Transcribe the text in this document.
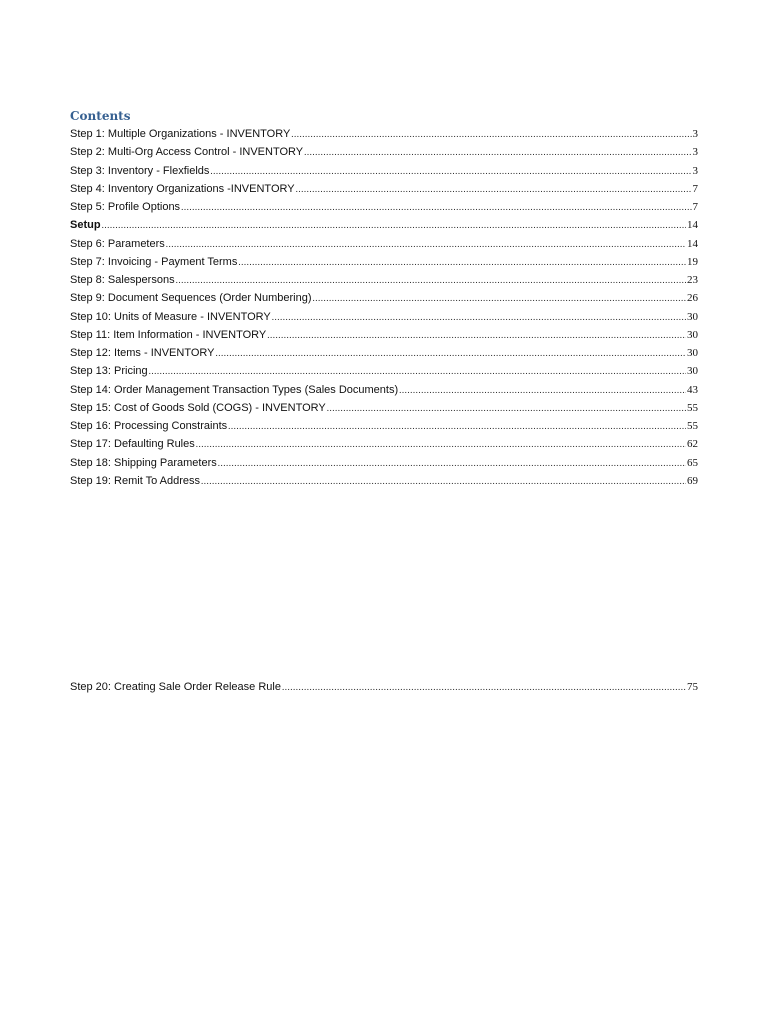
Contents
Step 1: Multiple Organizations - INVENTORY .....	3
Step 2: Multi-Org Access Control - INVENTORY .....	3
Step 3: Inventory - Flexfields .....	3
Step 4: Inventory Organizations -INVENTORY .....	7
Step 5: Profile Options .....	7
Setup .....	14
Step 6: Parameters .....	14
Step 7: Invoicing - Payment Terms .....	19
Step 8: Salespersons .....	23
Step 9: Document Sequences (Order Numbering) .....	26
Step 10: Units of Measure - INVENTORY .....	30
Step 11: Item Information - INVENTORY .....	30
Step 12: Items - INVENTORY .....	30
Step 13: Pricing .....	30
Step 14: Order Management Transaction Types (Sales Documents) .....	43
Step 15: Cost of Goods Sold (COGS) - INVENTORY .....	55
Step 16: Processing Constraints .....	55
Step 17: Defaulting Rules .....	62
Step 18: Shipping Parameters .....	65
Step 19: Remit To Address .....	69
Step 20: Creating Sale Order Release Rule .....	75
